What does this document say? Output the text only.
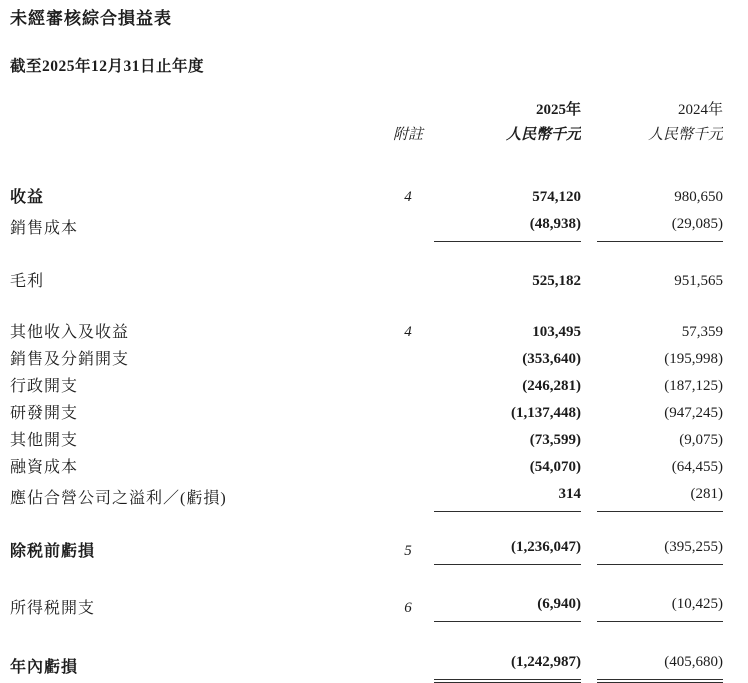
未經審核綜合損益表
截至2025年12月31日止年度
		2025年		2024年
	附註	人民幣千元		人民幣千元

收益	4	574,120		980,650
銷售成本		(48,938)		(29,085)

毛利		525,182		951,565

其他收入及收益	4	103,495		57,359
銷售及分銷開支		(353,640)		(195,998)
行政開支		(246,281)		(187,125)
研發開支		(1,137,448)		(947,245)
其他開支		(73,599)		(9,075)
融資成本		(54,070)		(64,455)
應佔合營公司之溢利／(虧損)		314		(281)

除税前虧損	5	(1,236,047)		(395,255)

所得税開支	6	(6,940)		(10,425)

年內虧損		(1,242,987)		(405,680)
